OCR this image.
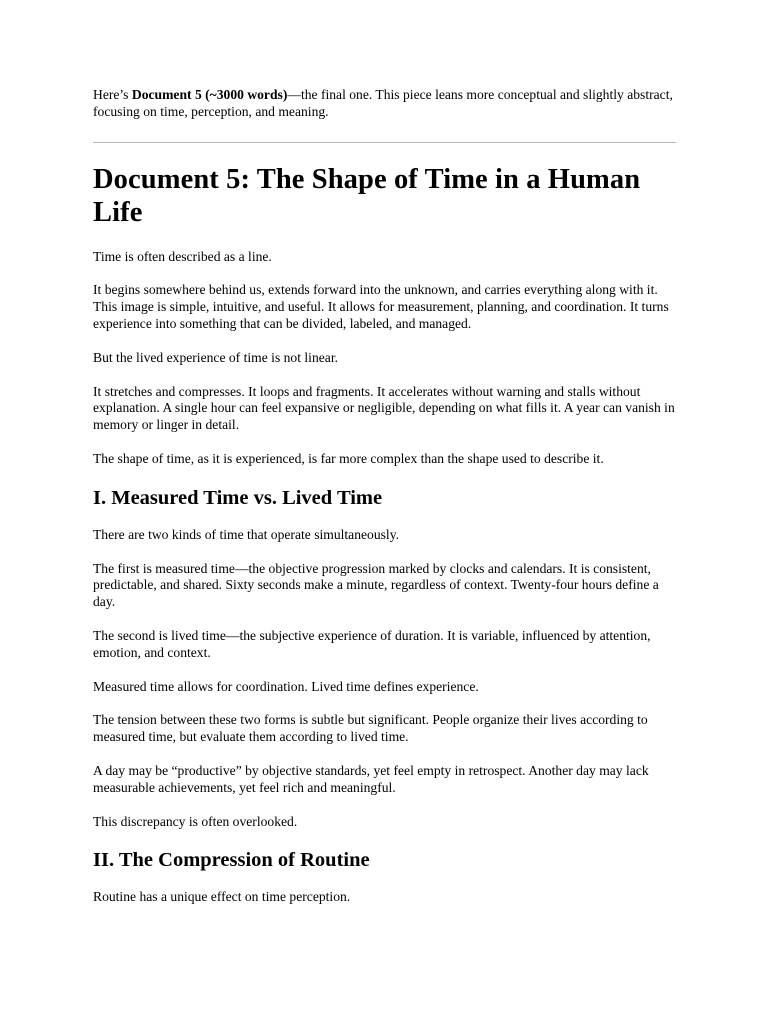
Here’s Document 5 (~3000 words)—the final one. This piece leans more conceptual and slightly abstract, focusing on time, perception, and meaning.

Document 5: The Shape of Time in a Human Life

Time is often described as a line.

It begins somewhere behind us, extends forward into the unknown, and carries everything along with it. This image is simple, intuitive, and useful. It allows for measurement, planning, and coordination. It turns experience into something that can be divided, labeled, and managed.

But the lived experience of time is not linear.

It stretches and compresses. It loops and fragments. It accelerates without warning and stalls without explanation. A single hour can feel expansive or negligible, depending on what fills it. A year can vanish in memory or linger in detail.

The shape of time, as it is experienced, is far more complex than the shape used to describe it.

I. Measured Time vs. Lived Time

There are two kinds of time that operate simultaneously.

The first is measured time—the objective progression marked by clocks and calendars. It is consistent, predictable, and shared. Sixty seconds make a minute, regardless of context. Twenty-four hours define a day.

The second is lived time—the subjective experience of duration. It is variable, influenced by attention, emotion, and context.

Measured time allows for coordination. Lived time defines experience.

The tension between these two forms is subtle but significant. People organize their lives according to measured time, but evaluate them according to lived time.

A day may be “productive” by objective standards, yet feel empty in retrospect. Another day may lack measurable achievements, yet feel rich and meaningful.

This discrepancy is often overlooked.

II. The Compression of Routine

Routine has a unique effect on time perception.
